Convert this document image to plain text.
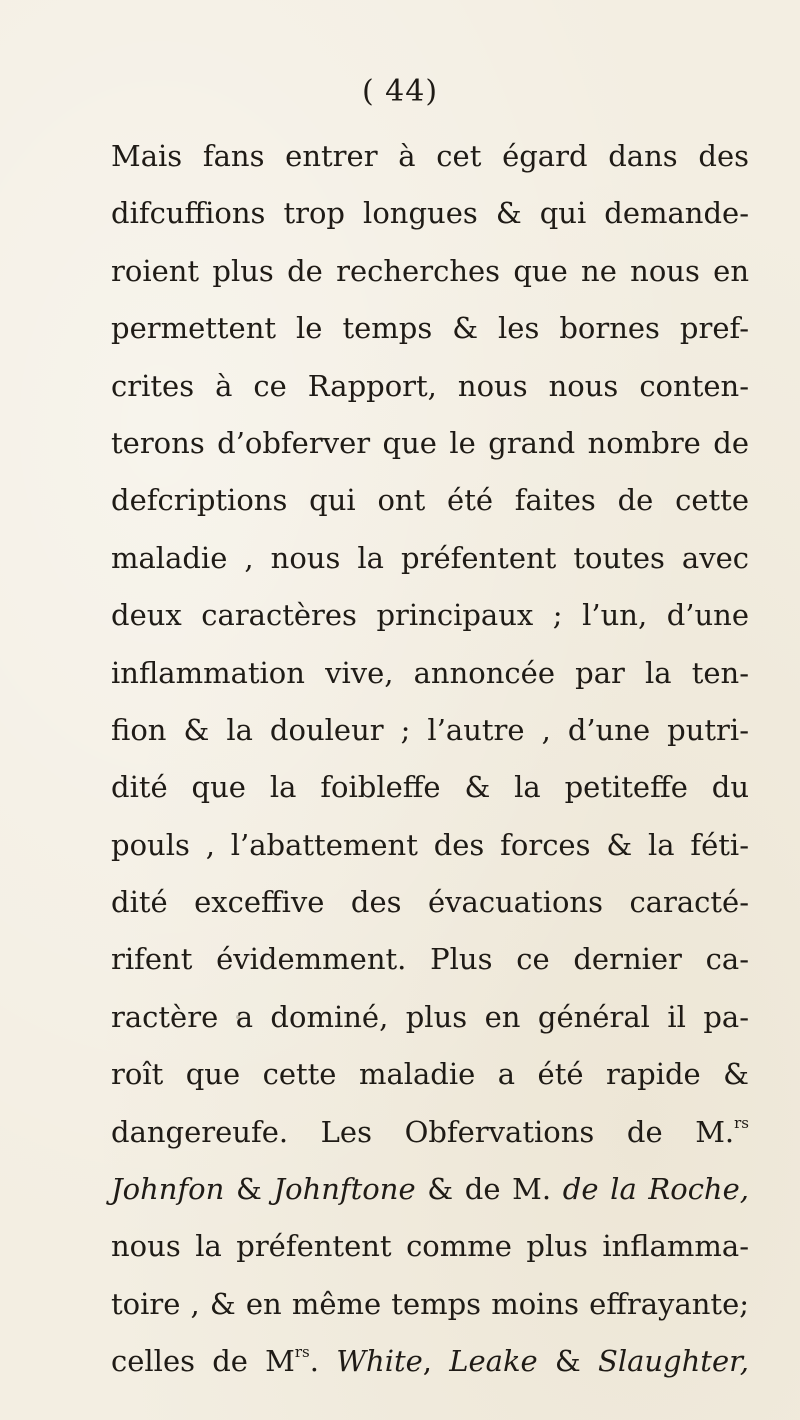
( 44)
Mais fans entrer à cet égard dans des
difcuffions trop longues & qui demande-
roient plus de recherches que ne nous en
permettent le temps & les bornes pref-
crites à ce Rapport, nous nous conten-
terons d’obferver que le grand nombre de
defcriptions qui ont été faites de cette
maladie , nous la préfentent toutes avec
deux caractères principaux ; l’un, d’une
inflammation vive, annoncée par la ten-
fion & la douleur ; l’autre , d’une putri-
dité que la foibleffe & la petiteffe du
pouls , l’abattement des forces & la féti-
dité exceffive des évacuations caracté-
rifent évidemment. Plus ce dernier ca-
ractère a dominé, plus en général il pa-
roît que cette maladie a été rapide &
dangereufe. Les Obfervations de M.$^{rs}$
Johnfon & Johnftone & de M. de la Roche,
nous la préfentent comme plus inflamma-
toire , & en même temps moins effrayante;
celles de $M^{rs}$. White, Leake & Slaughter,
